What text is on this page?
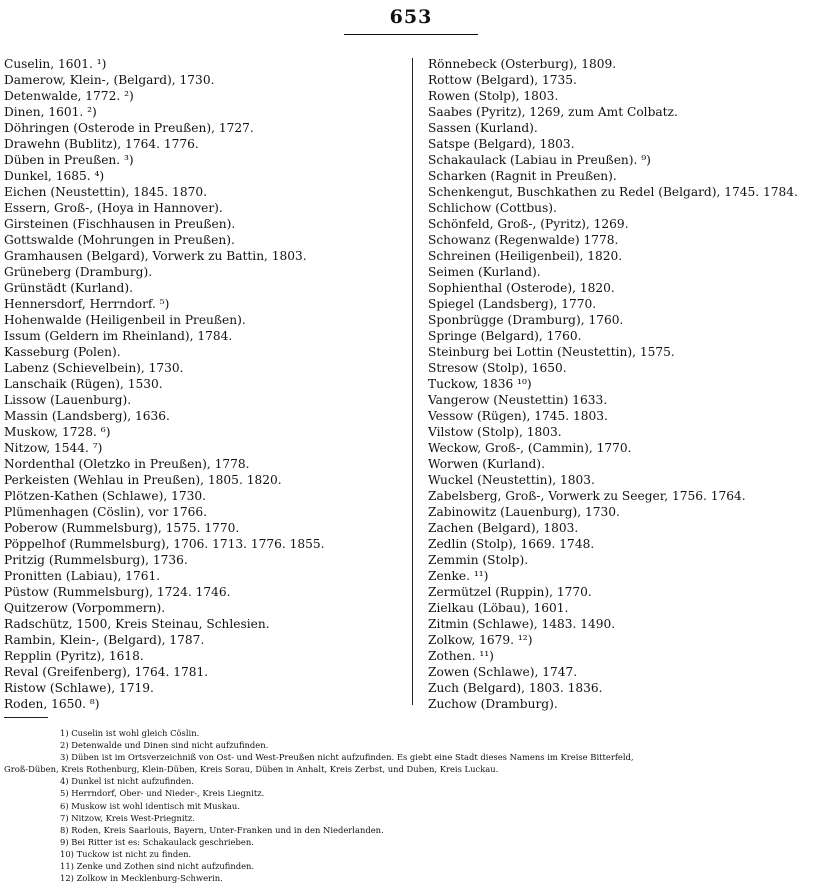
653
Cuselin, 1601. ¹)
Damerow, Klein-, (Belgard), 1730.
Detenwalde, 1772. ²)
Dinen, 1601. ²)
Döhringen (Osterode in Preußen), 1727.
Drawehn (Bublitz), 1764. 1776.
Düben in Preußen. ³)
Dunkel, 1685. ⁴)
Eichen (Neustettin), 1845. 1870.
Essern, Groß-, (Hoya in Hannover).
Girsteinen (Fischhausen in Preußen).
Gottswalde (Mohrungen in Preußen).
Gramhausen (Belgard), Vorwerk zu Battin, 1803.
Grüneberg (Dramburg).
Grünstädt (Kurland).
Hennersdorf, Herrndorf. ⁵)
Hohenwalde (Heiligenbeil in Preußen).
Issum (Geldern im Rheinland), 1784.
Kasseburg (Polen).
Labenz (Schievelbein), 1730.
Lanschaik (Rügen), 1530.
Lissow (Lauenburg).
Massin (Landsberg), 1636.
Muskow, 1728. ⁶)
Nitzow, 1544. ⁷)
Nordenthal (Oletzko in Preußen), 1778.
Perkeisten (Wehlau in Preußen), 1805. 1820.
Plötzen-Kathen (Schlawe), 1730.
Plümenhagen (Cöslin), vor 1766.
Poberow (Rummelsburg), 1575. 1770.
Pöppelhof (Rummelsburg), 1706. 1713. 1776. 1855.
Pritzig (Rummelsburg), 1736.
Pronitten (Labiau), 1761.
Püstow (Rummelsburg), 1724. 1746.
Quitzerow (Vorpommern).
Radschütz, 1500, Kreis Steinau, Schlesien.
Rambin, Klein-, (Belgard), 1787.
Repplin (Pyritz), 1618.
Reval (Greifenberg), 1764. 1781.
Ristow (Schlawe), 1719.
Roden, 1650. ⁸)
Rönnebeck (Osterburg), 1809.
Rottow (Belgard), 1735.
Rowen (Stolp), 1803.
Saabes (Pyritz), 1269, zum Amt Colbatz.
Sassen (Kurland).
Satspe (Belgard), 1803.
Schakaulack (Labiau in Preußen). ⁹)
Scharken (Ragnit in Preußen).
Schenkengut, Buschkathen zu Redel (Belgard), 1745. 1784.
Schlichow (Cottbus).
Schönfeld, Groß-, (Pyritz), 1269.
Schowanz (Regenwalde) 1778.
Schreinen (Heiligenbeil), 1820.
Seimen (Kurland).
Sophienthal (Osterode), 1820.
Spiegel (Landsberg), 1770.
Sponbrügge (Dramburg), 1760.
Springe (Belgard), 1760.
Steinburg bei Lottin (Neustettin), 1575.
Stresow (Stolp), 1650.
Tuckow, 1836 ¹⁰)
Vangerow (Neustettin) 1633.
Vessow (Rügen), 1745. 1803.
Vilstow (Stolp), 1803.
Weckow, Groß-, (Cammin), 1770.
Worwen (Kurland).
Wuckel (Neustettin), 1803.
Zabelsberg, Groß-, Vorwerk zu Seeger, 1756. 1764.
Zabinowitz (Lauenburg), 1730.
Zachen (Belgard), 1803.
Zedlin (Stolp), 1669. 1748.
Zemmin (Stolp).
Zenke. ¹¹)
Zermützel (Ruppin), 1770.
Zielkau (Löbau), 1601.
Zitmin (Schlawe), 1483. 1490.
Zolkow, 1679. ¹²)
Zothen. ¹¹)
Zowen (Schlawe), 1747.
Zuch (Belgard), 1803. 1836.
Zuchow (Dramburg).
1) Cuselin ist wohl gleich Cöslin.
2) Detenwalde und Dinen sind nicht aufzufinden.
3) Düben ist im Ortsverzeichniß von Ost- und West-Preußen nicht aufzufinden. Es giebt eine Stadt dieses Namens im Kreise Bitterfeld,
Groß-Düben, Kreis Rothenburg, Klein-Düben, Kreis Sorau, Düben in Anhalt, Kreis Zerbst, und Duben, Kreis Luckau.
4) Dunkel ist nicht aufzufinden.
5) Herrndorf, Ober- und Nieder-, Kreis Liegnitz.
6) Muskow ist wohl identisch mit Muskau.
7) Nitzow, Kreis West-Priegnitz.
8) Roden, Kreis Saarlouis, Bayern, Unter-Franken und in den Niederlanden.
9) Bei Ritter ist es: Schakaulack geschrieben.
10) Tuckow ist nicht zu finden.
11) Zenke und Zothen sind nicht aufzufinden.
12) Zolkow in Mecklenburg-Schwerin.
